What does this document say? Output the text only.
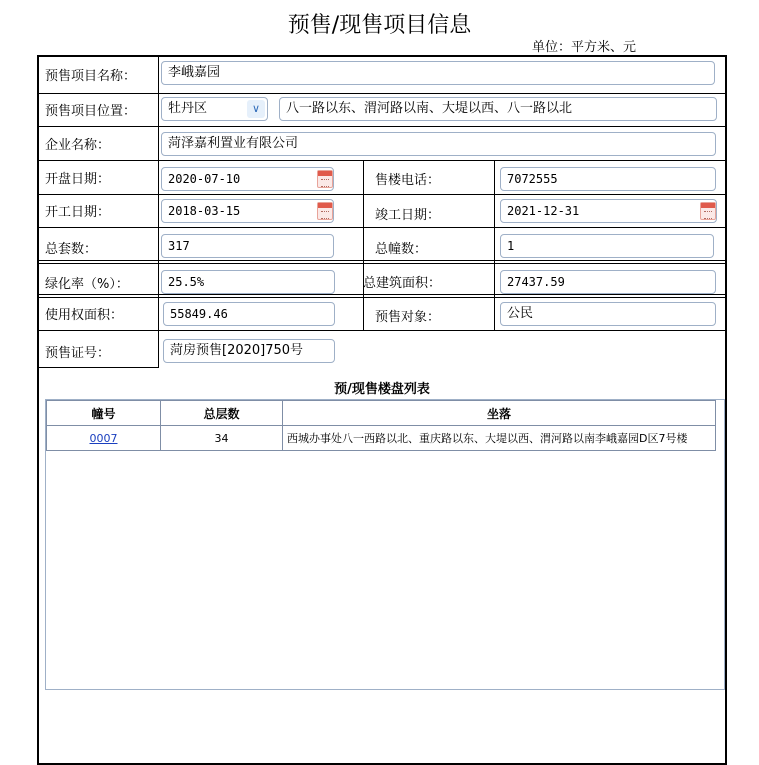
预售/现售项目信息
单位：平方米、元
预售项目名称：	李峨嘉园
预售项目位置：	牡丹区	∨	八一路以东、渭河路以南、大堤以西、八一路以北
企业名称：	菏泽嘉利置业有限公司
开盘日期：	2020-07-10	售楼电话：	7072555
开工日期：	2018-03-15	竣工日期：	2021-12-31
总套数：	317	总幢数：	1
绿化率（%）：	25.5%	总建筑面积：	27437.59
使用权面积：	55849.46	预售对象：	公民
预售证号：	菏房预售[2020]750号
预/现售楼盘列表
幢号	总层数	坐落
0007	34	西城办事处八一西路以北、重庆路以东、大堤以西、渭河路以南李峨嘉园D区7号楼
